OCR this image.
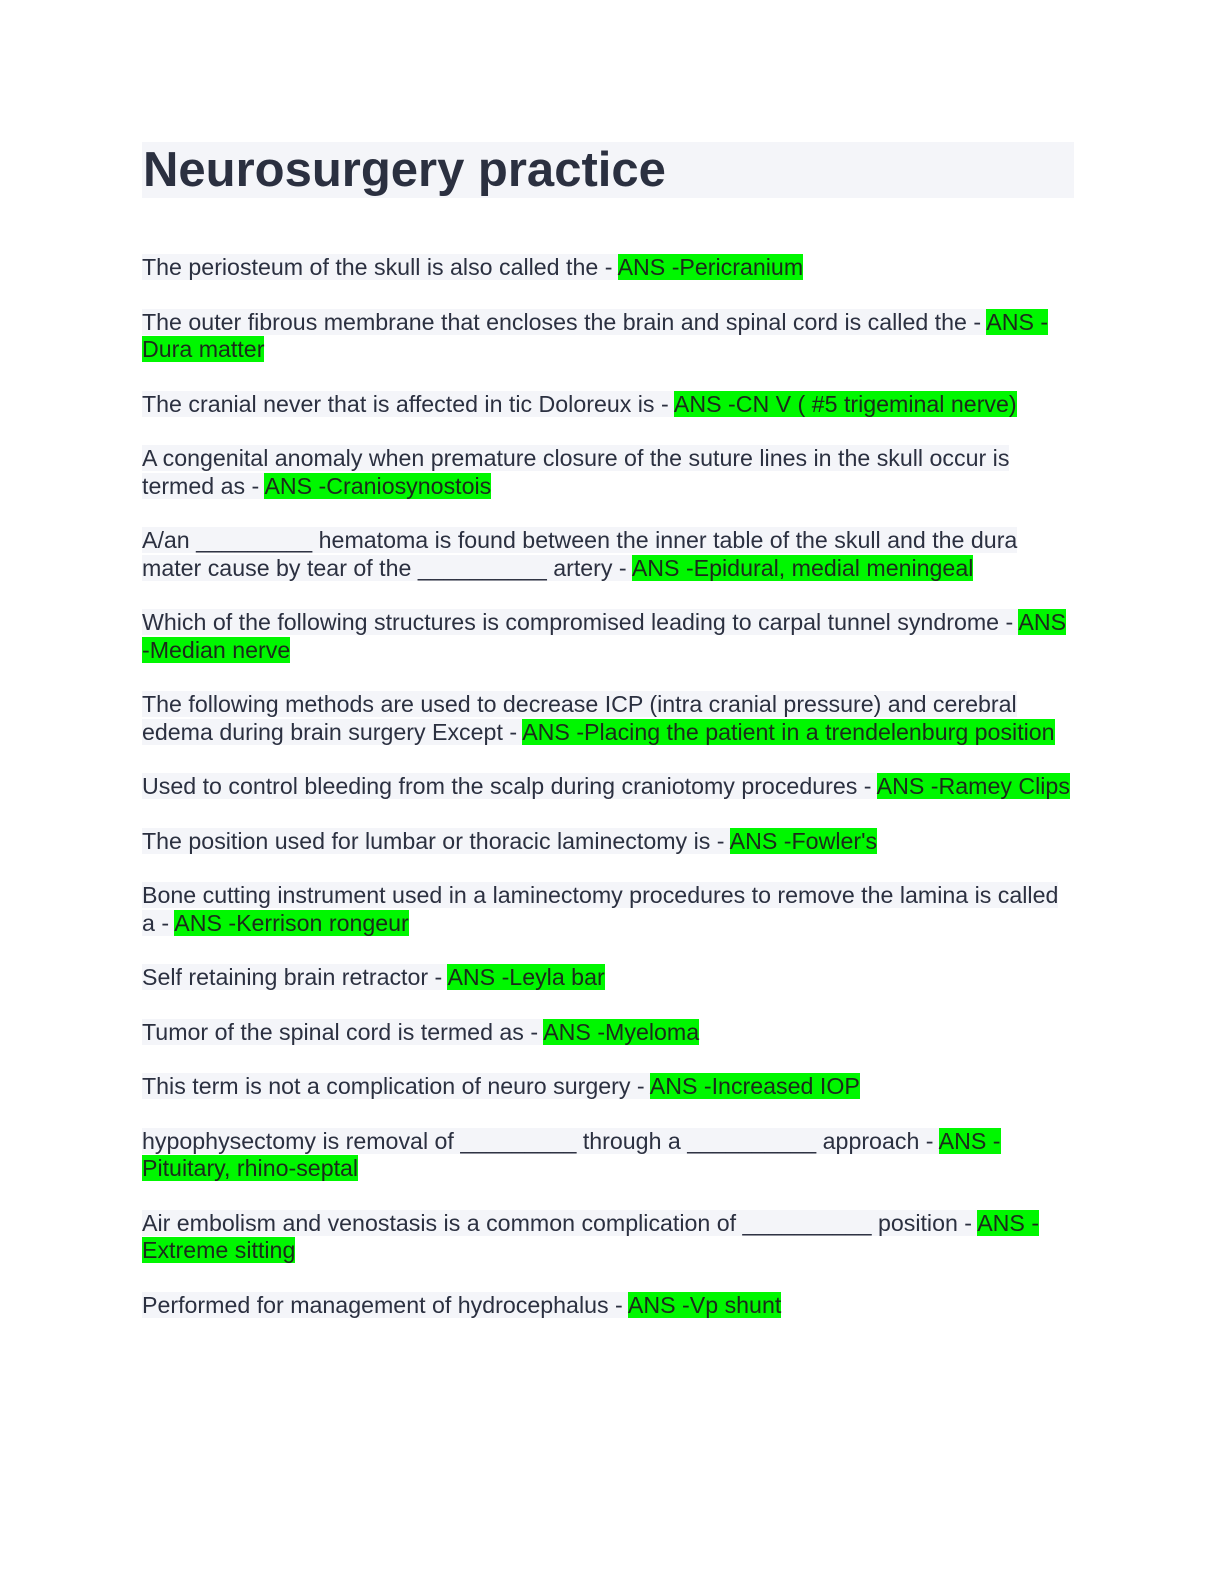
Neurosurgery practice

The periosteum of the skull is also called the - ANS -Pericranium

The outer fibrous membrane that encloses the brain and spinal cord is called the - ANS -Dura matter

The cranial never that is affected in tic Doloreux is - ANS -CN V ( #5 trigeminal nerve)

A congenital anomaly when premature closure of the suture lines in the skull occur is termed as - ANS -Craniosynostois

A/an _________ hematoma is found between the inner table of the skull and the dura mater cause by tear of the __________ artery - ANS -Epidural, medial meningeal

Which of the following structures is compromised leading to carpal tunnel syndrome - ANS -Median nerve

The following methods are used to decrease ICP (intra cranial pressure) and cerebral edema during brain surgery Except - ANS -Placing the patient in a trendelenburg position

Used to control bleeding from the scalp during craniotomy procedures - ANS -Ramey Clips

The position used for lumbar or thoracic laminectomy is - ANS -Fowler's

Bone cutting instrument used in a laminectomy procedures to remove the lamina is called a - ANS -Kerrison rongeur

Self retaining brain retractor - ANS -Leyla bar

Tumor of the spinal cord is termed as - ANS -Myeloma

This term is not a complication of neuro surgery - ANS -Increased IOP

hypophysectomy is removal of _________ through a __________ approach - ANS -Pituitary, rhino-septal

Air embolism and venostasis is a common complication of __________ position - ANS -Extreme sitting

Performed for management of hydrocephalus - ANS -Vp shunt
